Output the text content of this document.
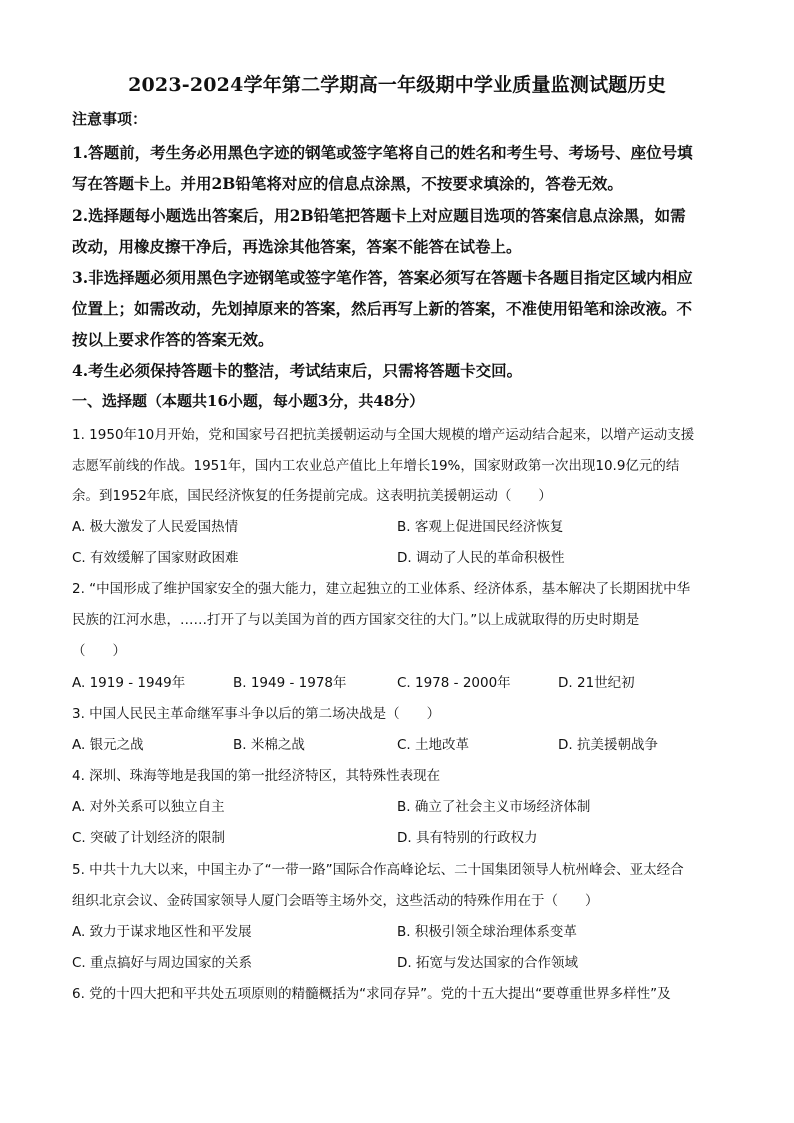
2023-2024学年第二学期高一年级期中学业质量监测试题历史
注意事项：
1.答题前，考生务必用黑色字迹的钢笔或签字笔将自己的姓名和考生号、考场号、座位号填
写在答题卡上。并用2B铅笔将对应的信息点涂黑，不按要求填涂的，答卷无效。
2.选择题每小题选出答案后，用2B铅笔把答题卡上对应题目选项的答案信息点涂黑，如需
改动，用橡皮擦干净后，再选涂其他答案，答案不能答在试卷上。
3.非选择题必须用黑色字迹钢笔或签字笔作答，答案必须写在答题卡各题目指定区域内相应
位置上；如需改动，先划掉原来的答案，然后再写上新的答案，不准使用铅笔和涂改液。不
按以上要求作答的答案无效。
4.考生必须保持答题卡的整洁，考试结束后，只需将答题卡交回。
一、选择题（本题共16小题，每小题3分，共48分）
1. 1950年10月开始，党和国家号召把抗美援朝运动与全国大规模的增产运动结合起来，以增产运动支援
志愿军前线的作战。1951年，国内工农业总产值比上年增长19%，国家财政第一次出现10.9亿元的结
余。到1952年底，国民经济恢复的任务提前完成。这表明抗美援朝运动（　　）
A. 极大激发了人民爱国热情	B. 客观上促进国民经济恢复
C. 有效缓解了国家财政困难	D. 调动了人民的革命积极性
2. “中国形成了维护国家安全的强大能力，建立起独立的工业体系、经济体系，基本解决了长期困扰中华
民族的江河水患，……打开了与以美国为首的西方国家交往的大门。”以上成就取得的历史时期是
（　　）
A. 1919 - 1949年	B. 1949 - 1978年	C. 1978 - 2000年	D. 21世纪初
3. 中国人民民主革命继军事斗争以后的第二场决战是（　　）
A. 银元之战	B. 米棉之战	C. 土地改革	D. 抗美援朝战争
4. 深圳、珠海等地是我国的第一批经济特区，其特殊性表现在
A. 对外关系可以独立自主	B. 确立了社会主义市场经济体制
C. 突破了计划经济的限制	D. 具有特别的行政权力
5. 中共十九大以来，中国主办了“一带一路”国际合作高峰论坛、二十国集团领导人杭州峰会、亚太经合
组织北京会议、金砖国家领导人厦门会晤等主场外交，这些活动的特殊作用在于（　　）
A. 致力于谋求地区性和平发展	B. 积极引领全球治理体系变革
C. 重点搞好与周边国家的关系	D. 拓宽与发达国家的合作领域
6. 党的十四大把和平共处五项原则的精髓概括为“求同存异”。党的十五大提出“要尊重世界多样性”及
